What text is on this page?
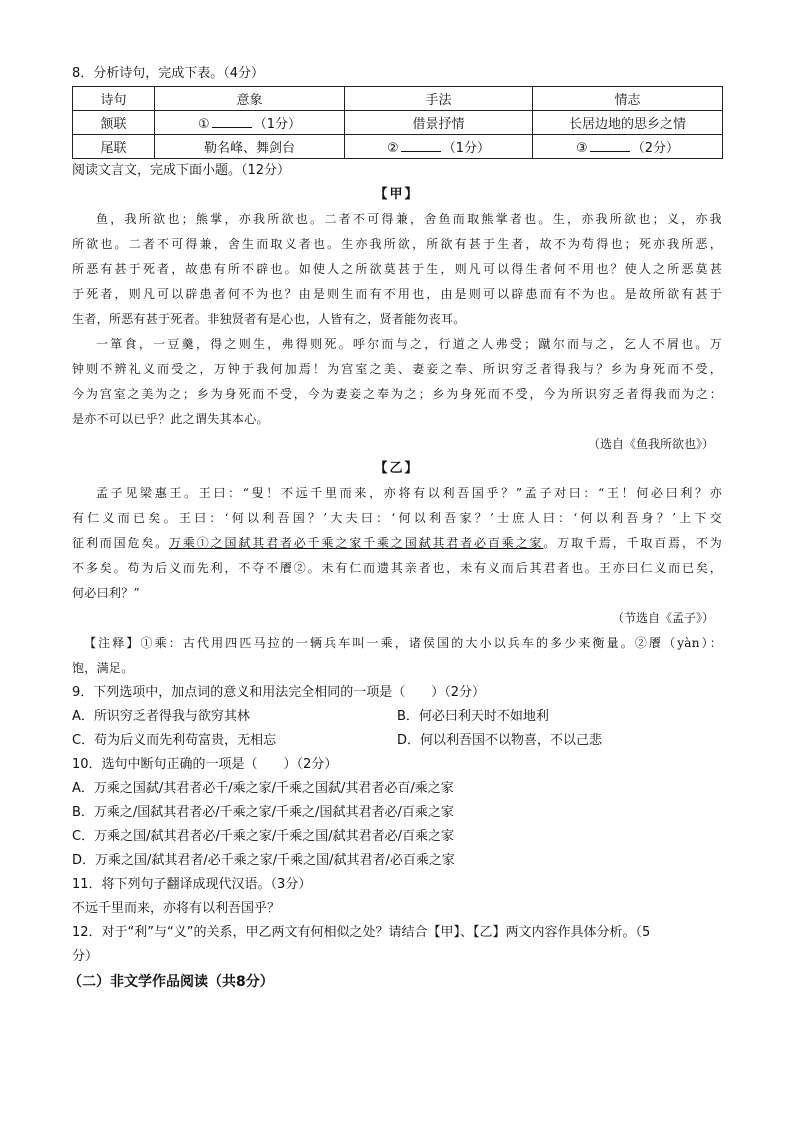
8．分析诗句，完成下表。（4分）
诗句	意象	手法	情志
颔联	① （1分）	借景抒情	长居边地的思乡之情
尾联	勒名峰、舞剑台	② （1分）	③ （2分）
阅读文言文，完成下面小题。（12分）
【甲】
鱼，我所欲也；熊掌，亦我所欲也。二者不可得兼，舍鱼而取熊掌者也。生，亦我所欲也；义，亦我
所欲也。二者不可得兼，舍生而取义者也。生亦我所欲，所欲有甚于生者，故不为苟得也；死亦我所恶，
所恶有甚于死者，故患有所不辟也。如使人之所欲莫甚于生，则凡可以得生者何不用也？使人之所恶莫甚
于死者，则凡可以辟患者何不为也？由是则生而有不用也，由是则可以辟患而有不为也。是故所欲有甚于
生者，所恶有甚于死者。非独贤者有是心也，人皆有之，贤者能勿丧耳。
一箪食，一豆羹，得之则生，弗得则死。呼尔而与之，行道之人弗受；蹴尔而与之，乞人不屑也。万
钟则不辨礼义而受之，万钟于我何加焉！为宫室之美、妻妾之奉、所识穷乏者得我与？乡为身死而不受，
今为宫室之美为之；乡为身死而不受，今为妻妾之奉为之；乡为身死而不受，今为所识穷乏者得我而为之：
是亦不可以已乎？此之谓失其本心。
（选自《鱼我所欲也》）
【乙】
孟子见梁惠王。王曰：“叟！不远千里而来，亦将有以利吾国乎？”孟子对曰：“王！何必曰利？亦
有仁义而已矣。王曰：‘何以利吾国？’大夫曰：‘何以利吾家？’士庶人曰：‘何以利吾身？’上下交
征利而国危矣。万乘①之国弑其君者必千乘之家千乘之国弑其君者必百乘之家。万取千焉，千取百焉，不为
不多矣。苟为后义而先利，不夺不餍②。未有仁而遗其亲者也，未有义而后其君者也。王亦曰仁义而已矣，
何必曰利？”
（节选自《孟子》）
【注释】①乘：古代用四匹马拉的一辆兵车叫一乘，诸侯国的大小以兵车的多少来衡量。②餍（yàn）：
饱，满足。
9．下列选项中，加点词的意义和用法完全相同的一项是（　　）（2分）
A．所识穷乏者得我与欲穷其林	B．何必曰利天时不如地利
C．苟为后义而先利苟富贵，无相忘	D．何以利吾国不以物喜，不以己悲
10．选句中断句正确的一项是（　　）（2分）
A．万乘之国弑/其君者必千/乘之家/千乘之国弑/其君者必百/乘之家
B．万乘之/国弑其君者必/千乘之家/千乘之/国弑其君者必/百乘之家
C．万乘之国/弑其君者必/千乘之家/千乘之国/弑其君者必/百乘之家
D．万乘之国/弑其君者/必千乘之家/千乘之国/弑其君者/必百乘之家
11．将下列句子翻译成现代汉语。（3分）
不远千里而来，亦将有以利吾国乎？
12．对于“利”与“义”的关系，甲乙两文有何相似之处？请结合【甲】、【乙】两文内容作具体分析。（5
分）
（二）非文学作品阅读（共8分）
